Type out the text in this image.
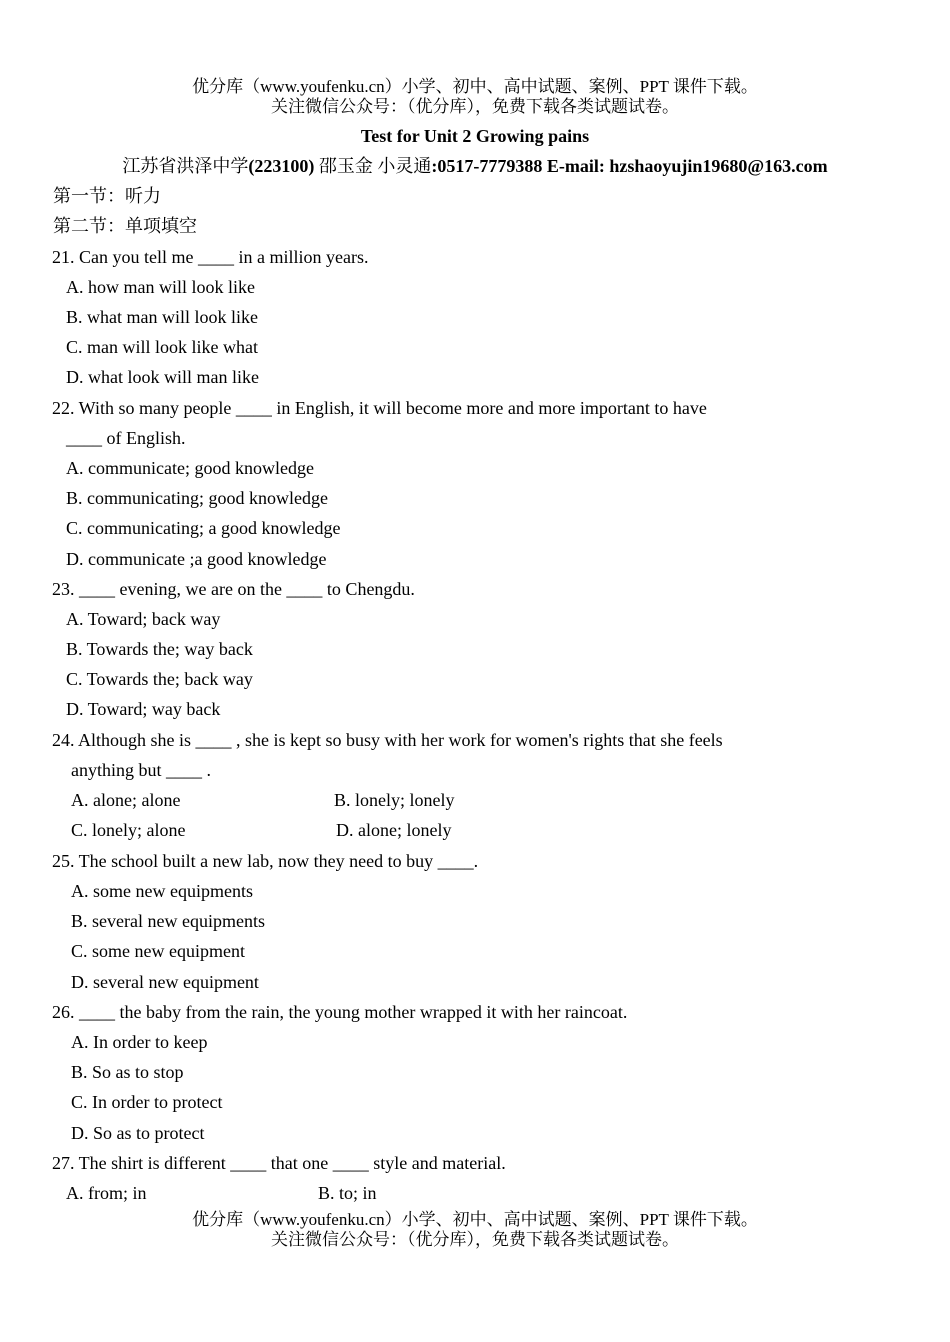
优分库（www.youfenku.cn）小学、初中、高中试题、案例、PPT 课件下载。
关注微信公众号：（优分库），免费下载各类试题试卷。
Test for Unit 2 Growing pains
江苏省洪泽中学(223100) 邵玉金 小灵通:0517-7779388 E-mail: hzshaoyujin19680@163.com
第一节：听力
第二节：单项填空
21. Can you tell me ____ in a million years.
A. how man will look like
B. what man will look like
C. man will look like what
D. what look will man like
22. With so many people ____ in English, it will become more and more important to have
____ of English.
A. communicate; good knowledge
B. communicating; good knowledge
C. communicating; a good knowledge
D. communicate ;a good knowledge
23. ____ evening, we are on the ____ to Chengdu.
A. Toward; back way
B. Towards the; way back
C. Towards the; back way
D. Toward; way back
24. Although she is ____ , she is kept so busy with her work for women's rights that she feels
anything but ____ .
A. alone; alone	B. lonely; lonely
C. lonely; alone	D. alone; lonely
25. The school built a new lab, now they need to buy ____.
A. some new equipments
B. several new equipments
C. some new equipment
D. several new equipment
26. ____ the baby from the rain, the young mother wrapped it with her raincoat.
A. In order to keep
B. So as to stop
C. In order to protect
D. So as to protect
27. The shirt is different ____ that one ____ style and material.
A. from; in	B. to; in
优分库（www.youfenku.cn）小学、初中、高中试题、案例、PPT 课件下载。
关注微信公众号：（优分库），免费下载各类试题试卷。
